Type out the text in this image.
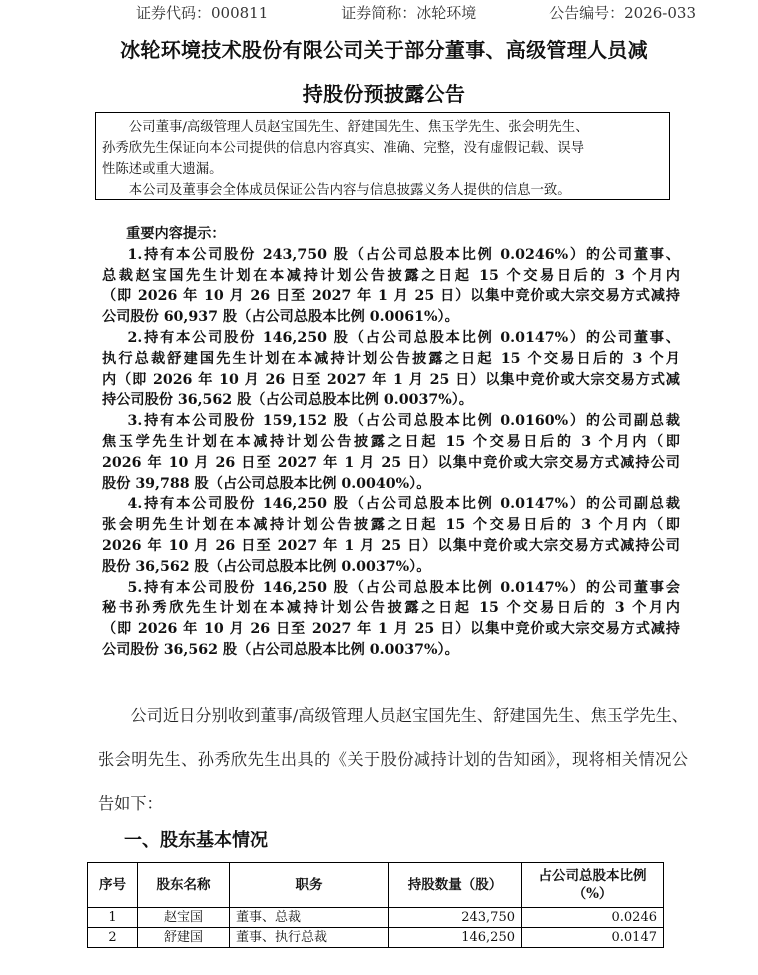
证券代码：000811	证券简称：冰轮环境	公告编号：2026-033
冰轮环境技术股份有限公司关于部分董事、高级管理人员减
持股份预披露公告

公司董事/高级管理人员赵宝国先生、舒建国先生、焦玉学先生、张会明先生、

孙秀欣先生保证向本公司提供的信息内容真实、准确、完整，没有虚假记载、误导

性陈述或重大遗漏。

本公司及董事会全体成员保证公告内容与信息披露义务人提供的信息一致。

重要内容提示：

1.持有本公司股份 243,750 股（占公司总股本比例 0.0246%）的公司董事、

总裁赵宝国先生计划在本减持计划公告披露之日起 15 个交易日后的 3 个月内

（即 2026 年 10 月 26 日至 2027 年 1 月 25 日）以集中竞价或大宗交易方式减持

公司股份 60,937 股（占公司总股本比例 0.0061%）。

2.持有本公司股份 146,250 股（占公司总股本比例 0.0147%）的公司董事、

执行总裁舒建国先生计划在本减持计划公告披露之日起 15 个交易日后的 3 个月

内（即 2026 年 10 月 26 日至 2027 年 1 月 25 日）以集中竞价或大宗交易方式减

持公司股份 36,562 股（占公司总股本比例 0.0037%）。

3.持有本公司股份 159,152 股（占公司总股本比例 0.0160%）的公司副总裁

焦玉学先生计划在本减持计划公告披露之日起 15 个交易日后的 3 个月内（即

2026 年 10 月 26 日至 2027 年 1 月 25 日）以集中竞价或大宗交易方式减持公司

股份 39,788 股（占公司总股本比例 0.0040%）。

4.持有本公司股份 146,250 股（占公司总股本比例 0.0147%）的公司副总裁

张会明先生计划在本减持计划公告披露之日起 15 个交易日后的 3 个月内（即

2026 年 10 月 26 日至 2027 年 1 月 25 日）以集中竞价或大宗交易方式减持公司

股份 36,562 股（占公司总股本比例 0.0037%）。

5.持有本公司股份 146,250 股（占公司总股本比例 0.0147%）的公司董事会

秘书孙秀欣先生计划在本减持计划公告披露之日起 15 个交易日后的 3 个月内

（即 2026 年 10 月 26 日至 2027 年 1 月 25 日）以集中竞价或大宗交易方式减持

公司股份 36,562 股（占公司总股本比例 0.0037%）。

公司近日分别收到董事/高级管理人员赵宝国先生、舒建国先生、焦玉学先生、张会明先生、孙秀欣先生出具的《关于股份减持计划的告知函》，现将相关情况公告如下：

一、股东基本情况
序号	股东名称	职务	持股数量（股）	占公司总股本比例（%）
1	赵宝国	董事、总裁	243,750	0.0246
2	舒建国	董事、执行总裁	146,250	0.0147
